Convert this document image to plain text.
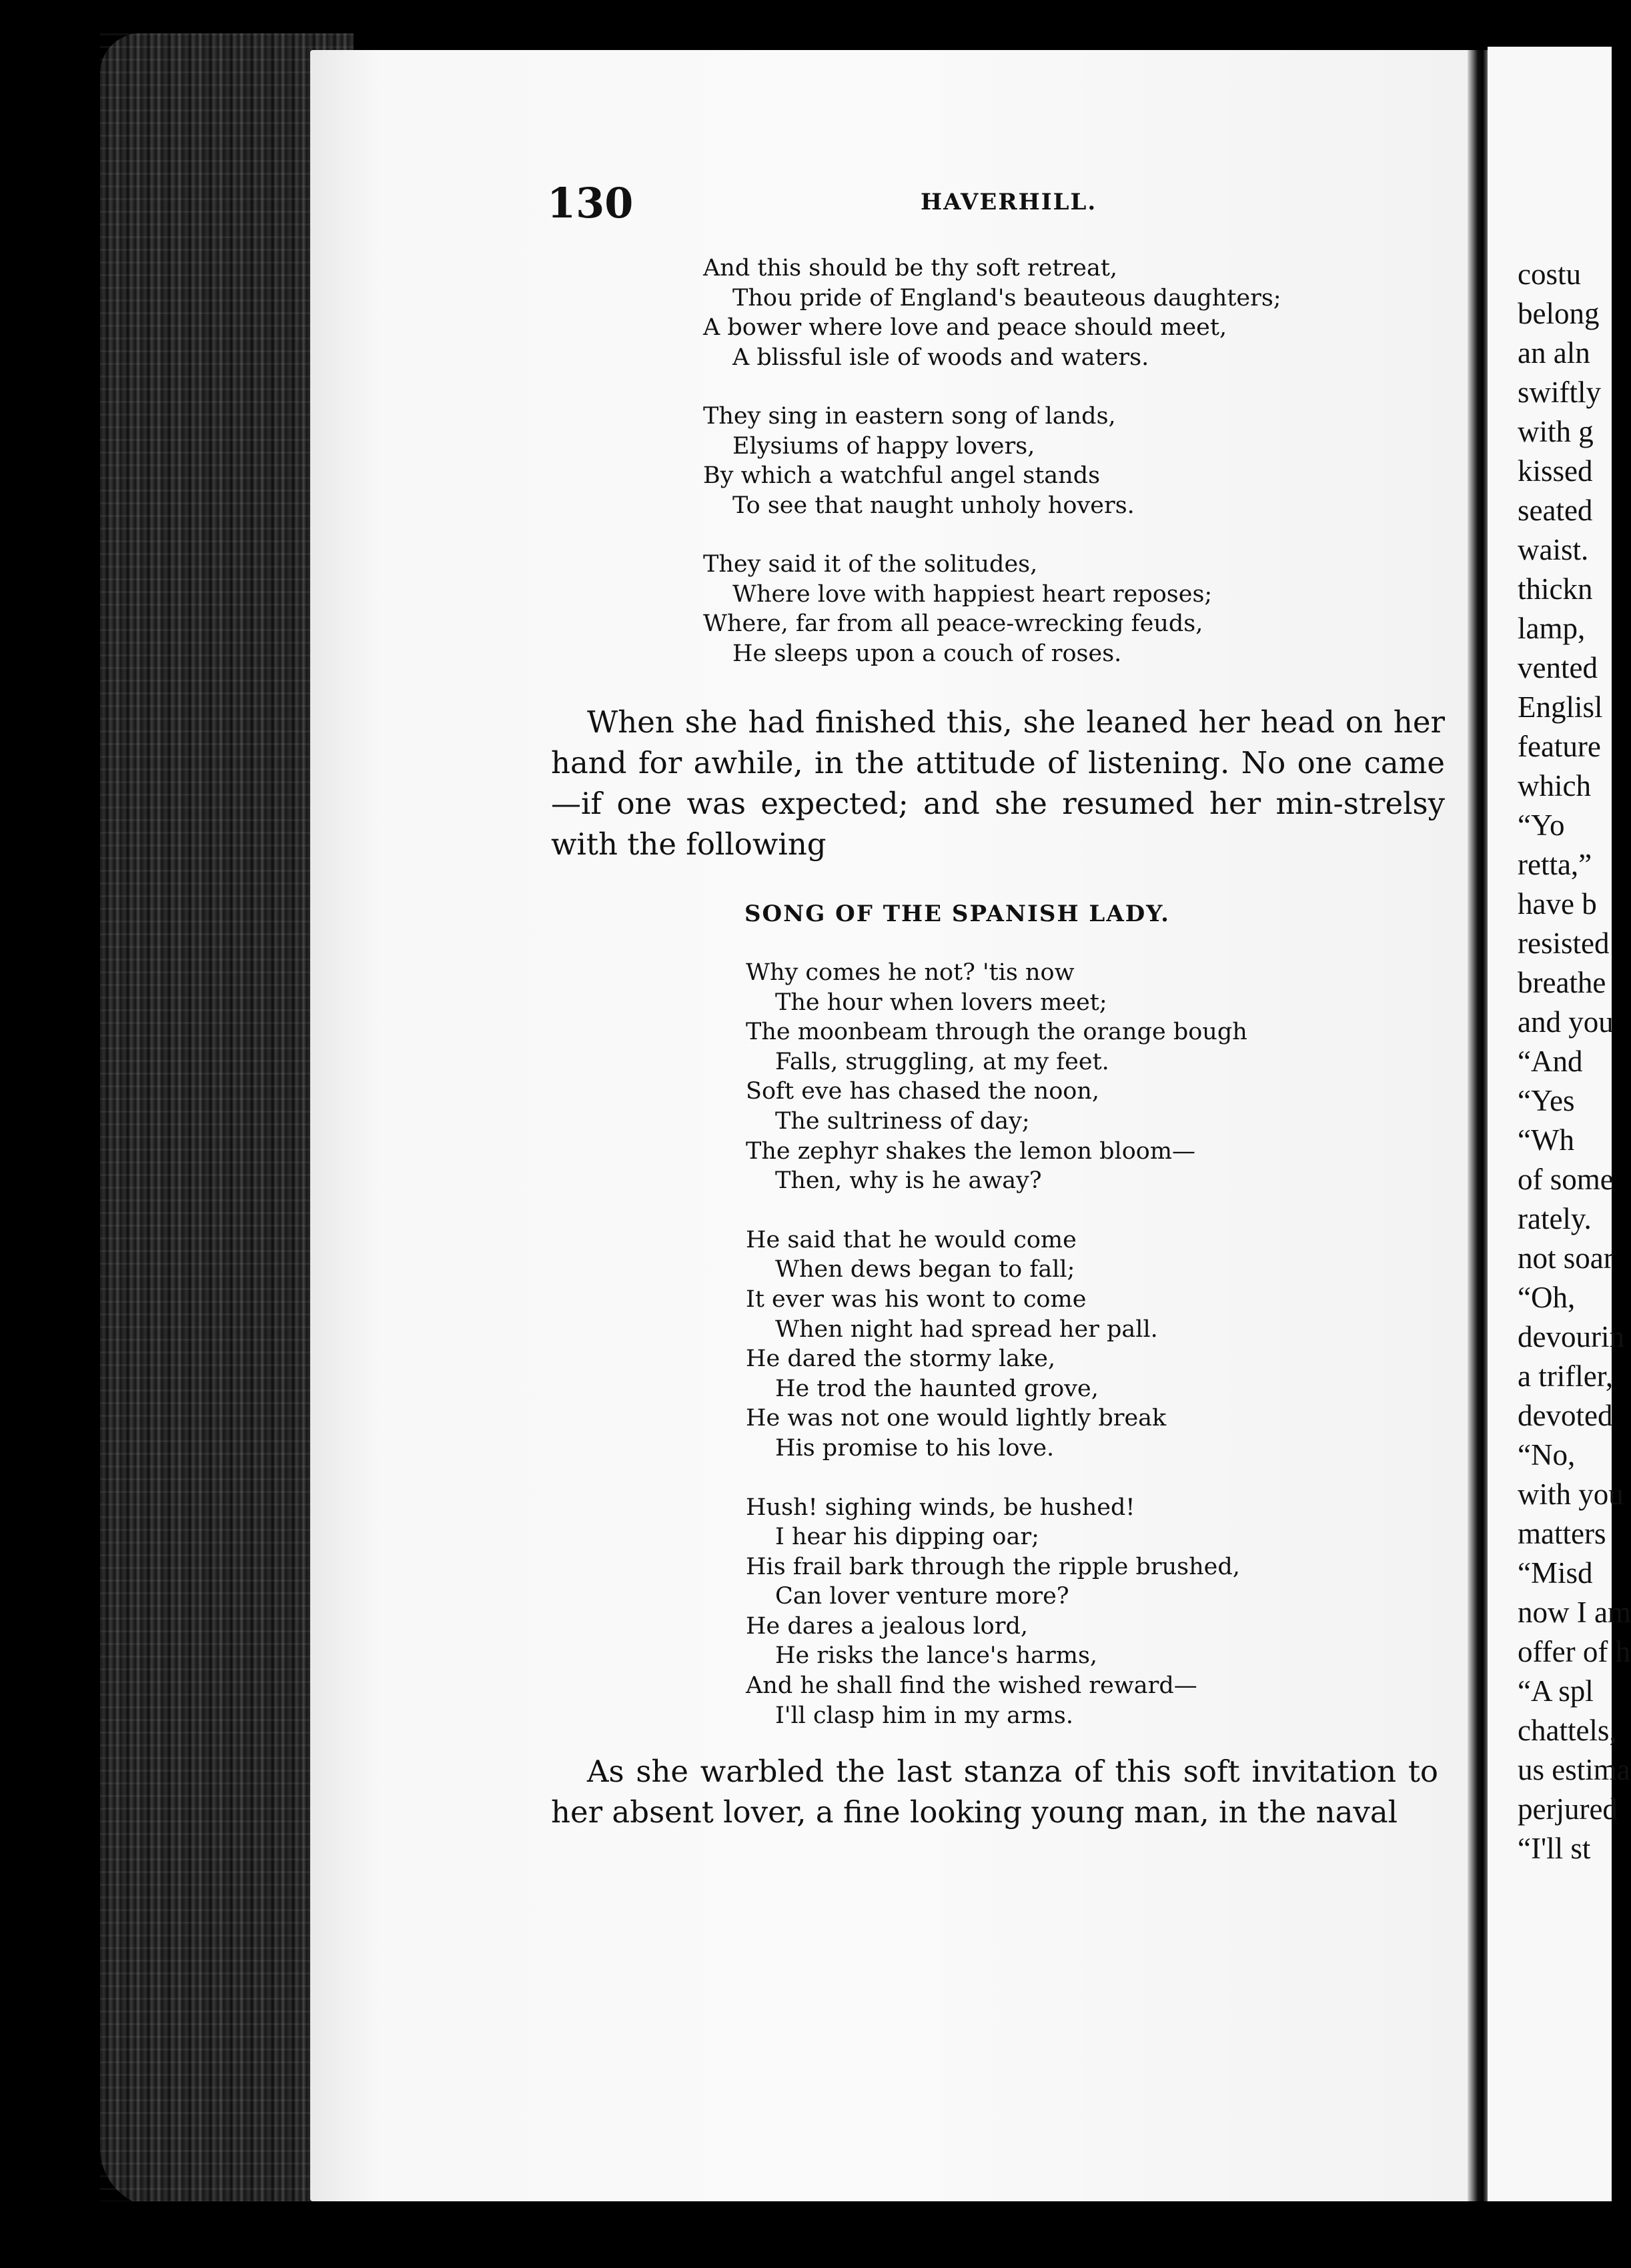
130	HAVERHILL.
And this should be thy soft retreat,
Thou pride of England's beauteous daughters;
A bower where love and peace should meet,
A blissful isle of woods and waters.
They sing in eastern song of lands,
Elysiums of happy lovers,
By which a watchful angel stands
To see that naught unholy hovers.
They said it of the solitudes,
Where love with happiest heart reposes;
Where, far from all peace-wrecking feuds,
He sleeps upon a couch of roses.

When she had finished this, she leaned her head on her hand for awhile, in the attitude of listening. No one came—if one was expected; and she resumed her min-strelsy with the following

SONG OF THE SPANISH LADY.
Why comes he not? 'tis now
The hour when lovers meet;
The moonbeam through the orange bough
Falls, struggling, at my feet.
Soft eve has chased the noon,
The sultriness of day;
The zephyr shakes the lemon bloom—
Then, why is he away?
He said that he would come
When dews began to fall;
It ever was his wont to come
When night had spread her pall.
He dared the stormy lake,
He trod the haunted grove,
He was not one would lightly break
His promise to his love.
Hush! sighing winds, be hushed!
I hear his dipping oar;
His frail bark through the ripple brushed,
Can lover venture more?
He dares a jealous lord,
He risks the lance's harms,
And he shall find the wished reward—
I'll clasp him in my arms.

As she warbled the last stanza of this soft invitation to her absent lover, a fine looking young man, in the naval

costu
belong
an aln
swiftly
with g
kissed
seated
waist.
thickn
lamp,
vented
Englisl
feature
which
“Yo
retta,”
have b
resisted
breathe
and you
“And
“Yes
“Wh
of some
rately.
not soar
“Oh,
devourin
a trifler,
devoted
“No,
with you
matters
“Misd
now I am
offer of h
“A spl
chattels,
us estima
perjured
“I'll st
